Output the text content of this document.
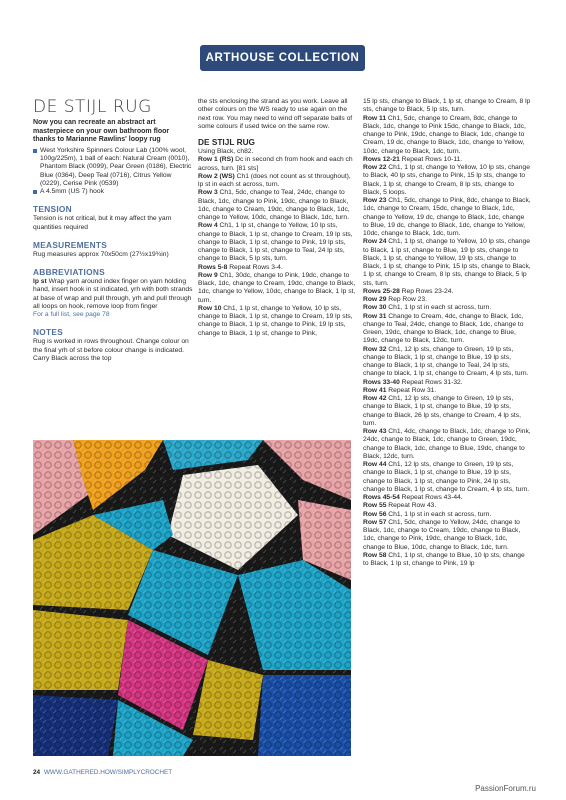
ARTHOUSE COLLECTION
DE STIJL RUG

Now you can recreate an abstract art masterpiece on your own bathroom floor thanks to Marianne Rawlins' loopy rug

West Yorkshire Spinners Colour Lab (100% wool, 100g/225m), 1 ball of each: Natural Cream (0010), Phantom Black (0099), Pear Green (0186), Electric Blue (0364), Deep Teal (0716), Citrus Yellow (0229), Cerise Pink (0539)

A 4.5mm (US 7) hook

TENSION

Tension is not critical, but it may affect the yarn quantities required

MEASUREMENTS

Rug measures approx 70x50cm (27½x19¾in)

ABBREVIATIONS

lp st Wrap yarn around index finger on yarn holding hand, insert hook in st indicated, yrh with both strands at base of wrap and pull through, yrh and pull through all loops on hook, remove loop from finger

For a full list, see page 78

NOTES

Rug is worked in rows throughout. Change colour on the final yrh of st before colour change is indicated. Carry Black across the top

the sts enclosing the strand as you work. Leave all other colours on the WS ready to use again on the next row. You may need to wind off separate balls of some colours if used twice on the same row.

DE STIJL RUG

Using Black, ch82.

Row 1 (RS) Dc in second ch from hook and each ch across, turn. [81 sts]

Row 2 (WS) Ch1 (does not count as st throughout), lp st in each st across, turn.

Row 3 Ch1, 5dc, change to Teal, 24dc, change to Black, 1dc, change to Pink, 19dc, change to Black, 1dc, change to Cream, 19dc, change to Black, 1dc, change to Yellow, 10dc, change to Black, 1dc, turn.

Row 4 Ch1, 1 lp st, change to Yellow, 10 lp sts, change to Black, 1 lp st, change to Cream, 19 lp sts, change to Black, 1 lp st, change to Pink, 19 lp sts, change to Black, 1 lp st, change to Teal, 24 lp sts, change to Black, 5 lp sts, turn.

Rows 5-8 Repeat Rows 3-4.

Row 9 Ch1, 30dc, change to Pink, 19dc, change to Black, 1dc, change to Cream, 19dc, change to Black, 1dc, change to Yellow, 10dc, change to Black, 1 lp st, turn.

Row 10 Ch1, 1 lp st, change to Yellow, 10 lp sts, change to Black, 1 lp st, change to Cream, 19 lp sts, change to Black, 1 lp st, change to Pink, 19 lp sts, change to Black, 1 lp st, change to Pink,

15 lp sts, change to Black, 1 lp st, change to Cream, 8 lp sts, change to Black, 5 lp sts, turn.

Row 11 Ch1, 5dc, change to Cream, 8dc, change to Black, 1dc, change to Pink 15dc, change to Black, 1dc, change to Pink, 19dc, change to Black, 1dc, change to Cream, 19 dc, change to Black, 1dc, change to Yellow, 10dc, change to Black, 1dc, turn.

Rows 12-21 Repeat Rows 10-11.

Row 22 Ch1, 1 lp st, change to Yellow, 10 lp sts, change to Black, 40 lp sts, change to Pink, 15 lp sts, change to Black, 1 lp st, change to Cream, 8 lp sts, change to Black, 5 loops.

Row 23 Ch1, 5dc, change to Pink, 8dc, change to Black, 1dc, change to Cream, 15dc, change to Black, 1dc, change to Yellow, 19 dc, change to Black, 1dc, change to Blue, 19 dc, change to Black, 1dc, change to Yellow, 10dc, change to Black, 1dc, turn.

Row 24 Ch1, 1 lp st, change to Yellow, 10 lp sts, change to Black, 1 lp st, change to Blue, 19 lp sts, change to Black, 1 lp st, change to Yellow, 19 lp sts, change to Black, 1 lp st, change to Pink, 15 lp sts, change to Black, 1 lp st, change to Cream, 8 lp sts, change to Black, 5 lp sts, turn.

Rows 25-28 Rep Rows 23-24.

Row 29 Rep Row 23.

Row 30 Ch1, 1 lp st in each st across, turn.

Row 31 Change to Cream, 4dc, change to Black, 1dc, change to Teal, 24dc, change to Black, 1dc, change to Green, 19dc, change to Black, 1dc, change to Blue, 19dc, change to Black, 12dc, turn.

Row 32 Ch1, 12 lp sts, change to Green, 19 lp sts, change to Black, 1 lp st, change to Blue, 19 lp sts, change to Black, 1 lp st, change to Teal, 24 lp sts, change to black, 1 lp st, change to Cream, 4 lp sts, turn.

Rows 33-40 Repeat Rows 31-32.

Row 41 Repeat Row 31.

Row 42 Ch1, 12 lp sts, change to Green, 19 lp sts, change to Black, 1 lp st, change to Blue, 19 lp sts, change to Black, 26 lp sts, change to Cream, 4 lp sts, turn.

Row 43 Ch1, 4dc, change to Black, 1dc, change to Pink, 24dc, change to Black, 1dc, change to Green, 19dc, change to Black, 1dc, change to Blue, 19dc, change to Black, 12dc, turn.

Row 44 Ch1, 12 lp sts, change to Green, 19 lp sts, change to Black, 1 lp st, change to Blue, 19 lp sts, change to Black, 1 lp st, change to Pink, 24 lp sts, change to Black, 1 lp st, change to Cream, 4 lp sts, turn.

Rows 45-54 Repeat Rows 43-44.

Row 55 Repeat Row 43.

Row 56 Ch1, 1 lp st in each st across, turn.

Row 57 Ch1, 5dc, change to Yellow, 24dc, change to Black, 1dc, change to Cream, 19dc, change to Black, 1dc, change to Pink, 19dc, change to Black, 1dc, change to Blue, 10dc, change to Black, 1dc, turn.

Row 58 Ch1, 1 lp st, change to Blue, 10 lp sts, change to Black, 1 lp st, change to Pink, 19 lp

24 WWW.GATHERED.HOW/SIMPLYCROCHET
PassionForum.ru
